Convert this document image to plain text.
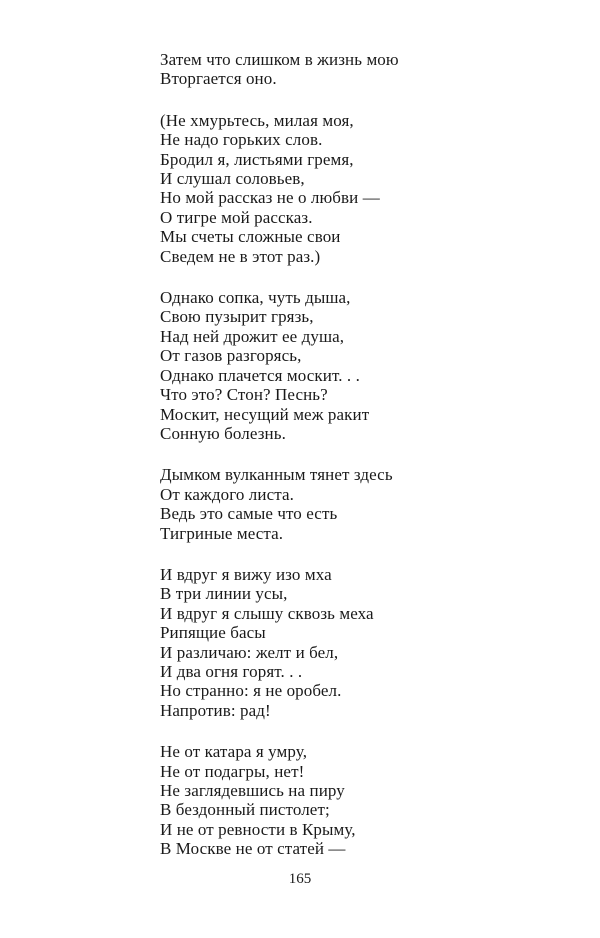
Затем что слишком в жизнь мою
Вторгается оно.
(Не хмурьтесь, милая моя,
Не надо горьких слов.
Бродил я, листьями гремя,
И слушал соловьев,
Но мой рассказ не о любви —
О тигре мой рассказ.
Мы счеты сложные свои
Сведем не в этот раз.)
Однако сопка, чуть дыша,
Свою пузырит грязь,
Над ней дрожит ее душа,
От газов разгорясь,
Однако плачется москит. . .
Что это? Стон? Песнь?
Москит, несущий меж ракит
Сонную болезнь.
Дымком вулканным тянет здесь
От каждого листа.
Ведь это самые что есть
Тигриные места.
И вдруг я вижу изо мха
В три линии усы,
И вдруг я слышу сквозь меха
Рипящие басы
И различаю: желт и бел,
И два огня горят. . .
Но странно: я не оробел.
Напротив: рад!
Не от катара я умру,
Не от подагры, нет!
Не заглядевшись на пиру
В бездонный пистолет;
И не от ревности в Крыму,
В Москве не от статей —
165
